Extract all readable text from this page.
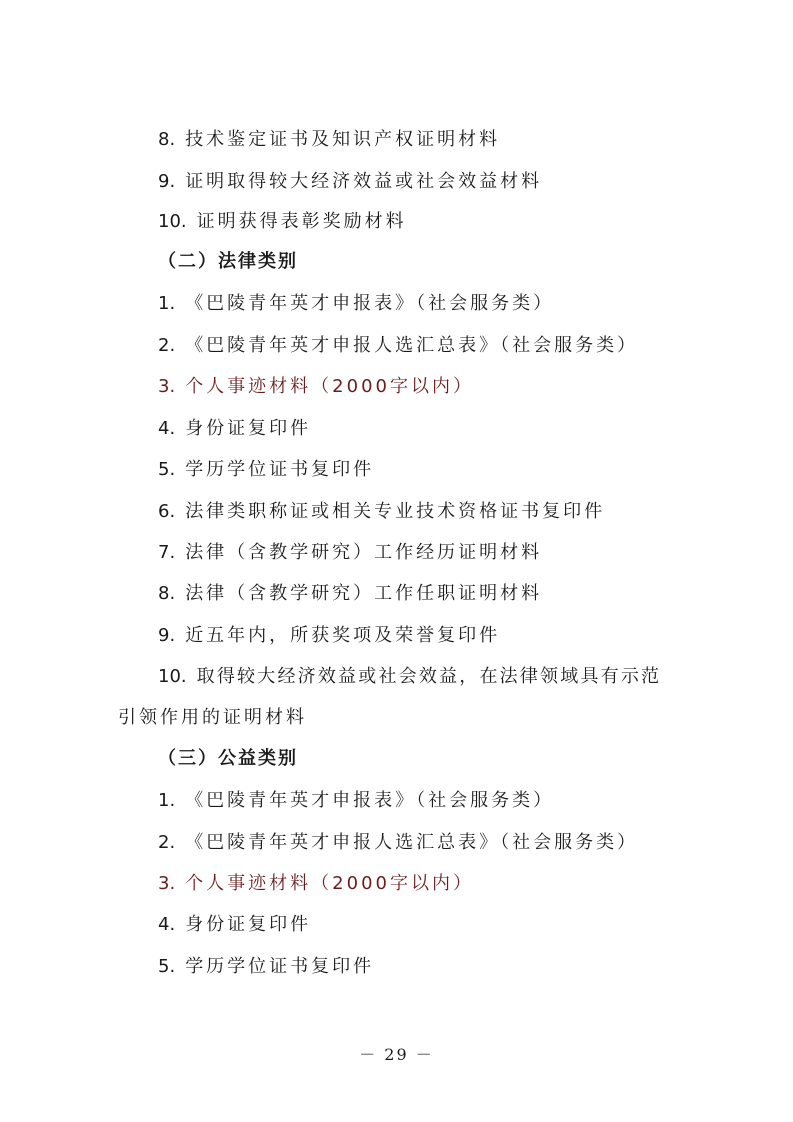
8. 技术鉴定证书及知识产权证明材料
9. 证明取得较大经济效益或社会效益材料
10. 证明获得表彰奖励材料
（二）法律类别
1. 《巴陵青年英才申报表》（社会服务类）
2. 《巴陵青年英才申报人选汇总表》（社会服务类）
3. 个人事迹材料（2000字以内）
4. 身份证复印件
5. 学历学位证书复印件
6. 法律类职称证或相关专业技术资格证书复印件
7. 法律（含教学研究）工作经历证明材料
8. 法律（含教学研究）工作任职证明材料
9. 近五年内，所获奖项及荣誉复印件
10. 取得较大经济效益或社会效益，在法律领域具有示范
引领作用的证明材料
（三）公益类别
1. 《巴陵青年英才申报表》（社会服务类）
2. 《巴陵青年英才申报人选汇总表》（社会服务类）
3. 个人事迹材料（2000字以内）
4. 身份证复印件
5. 学历学位证书复印件
－ 29 －
